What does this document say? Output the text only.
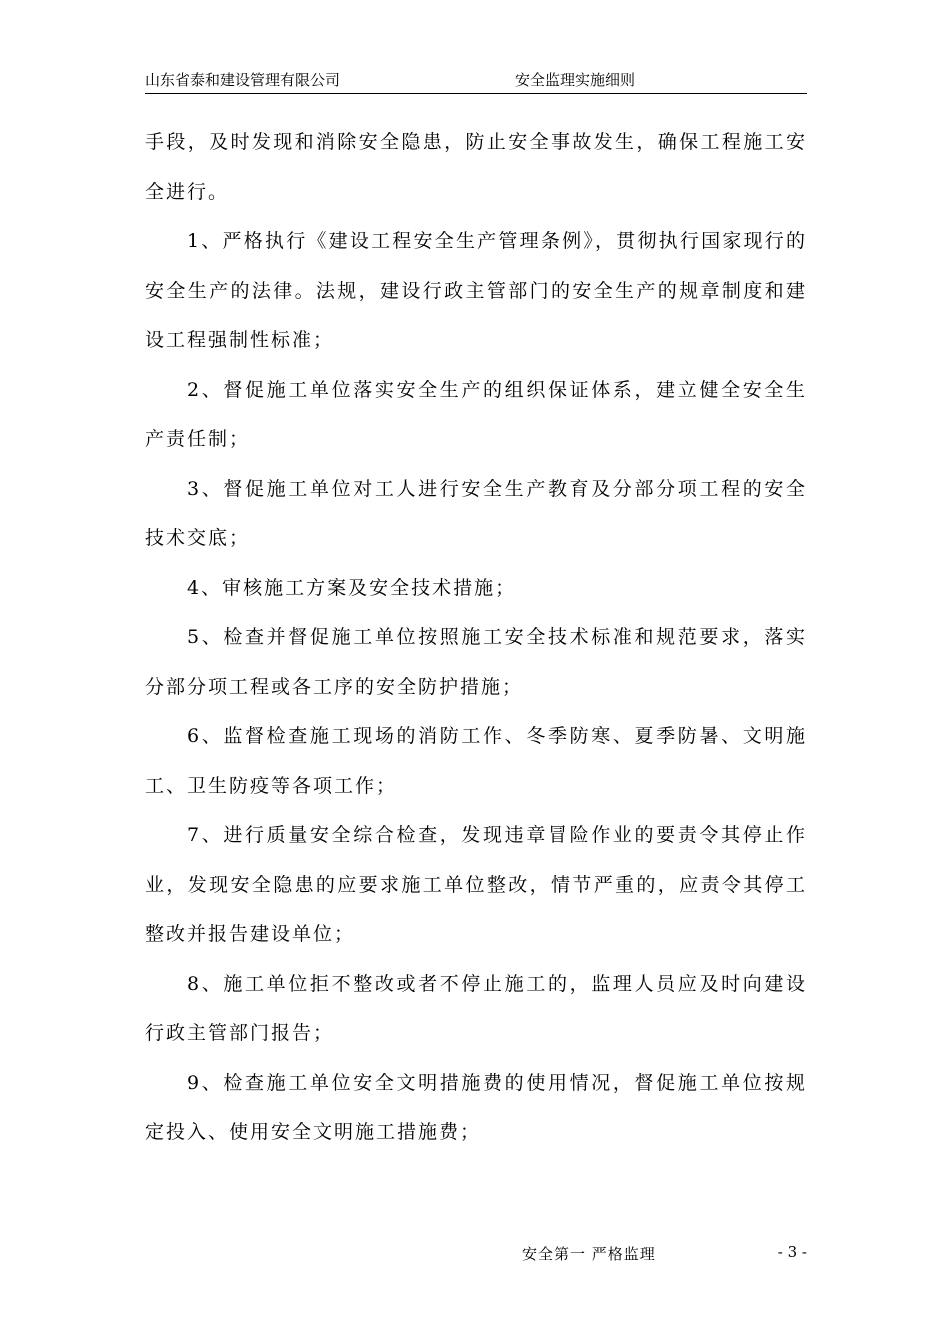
山东省泰和建设管理有限公司	安全监理实施细则

手段，及时发现和消除安全隐患，防止安全事故发生，确保工程施工安全进行。

1、严格执行《建设工程安全生产管理条例》，贯彻执行国家现行的安全生产的法律。法规，建设行政主管部门的安全生产的规章制度和建设工程强制性标准；

2、督促施工单位落实安全生产的组织保证体系，建立健全安全生产责任制；

3、督促施工单位对工人进行安全生产教育及分部分项工程的安全技术交底；

4、审核施工方案及安全技术措施；

5、检查并督促施工单位按照施工安全技术标准和规范要求，落实分部分项工程或各工序的安全防护措施；

6、监督检查施工现场的消防工作、冬季防寒、夏季防暑、文明施工、卫生防疫等各项工作；

7、进行质量安全综合检查，发现违章冒险作业的要责令其停止作业，发现安全隐患的应要求施工单位整改，情节严重的，应责令其停工整改并报告建设单位；

8、施工单位拒不整改或者不停止施工的，监理人员应及时向建设行政主管部门报告；

9、检查施工单位安全文明措施费的使用情况，督促施工单位按规定投入、使用安全文明施工措施费；

安全第一 严格监理	- 3 -
